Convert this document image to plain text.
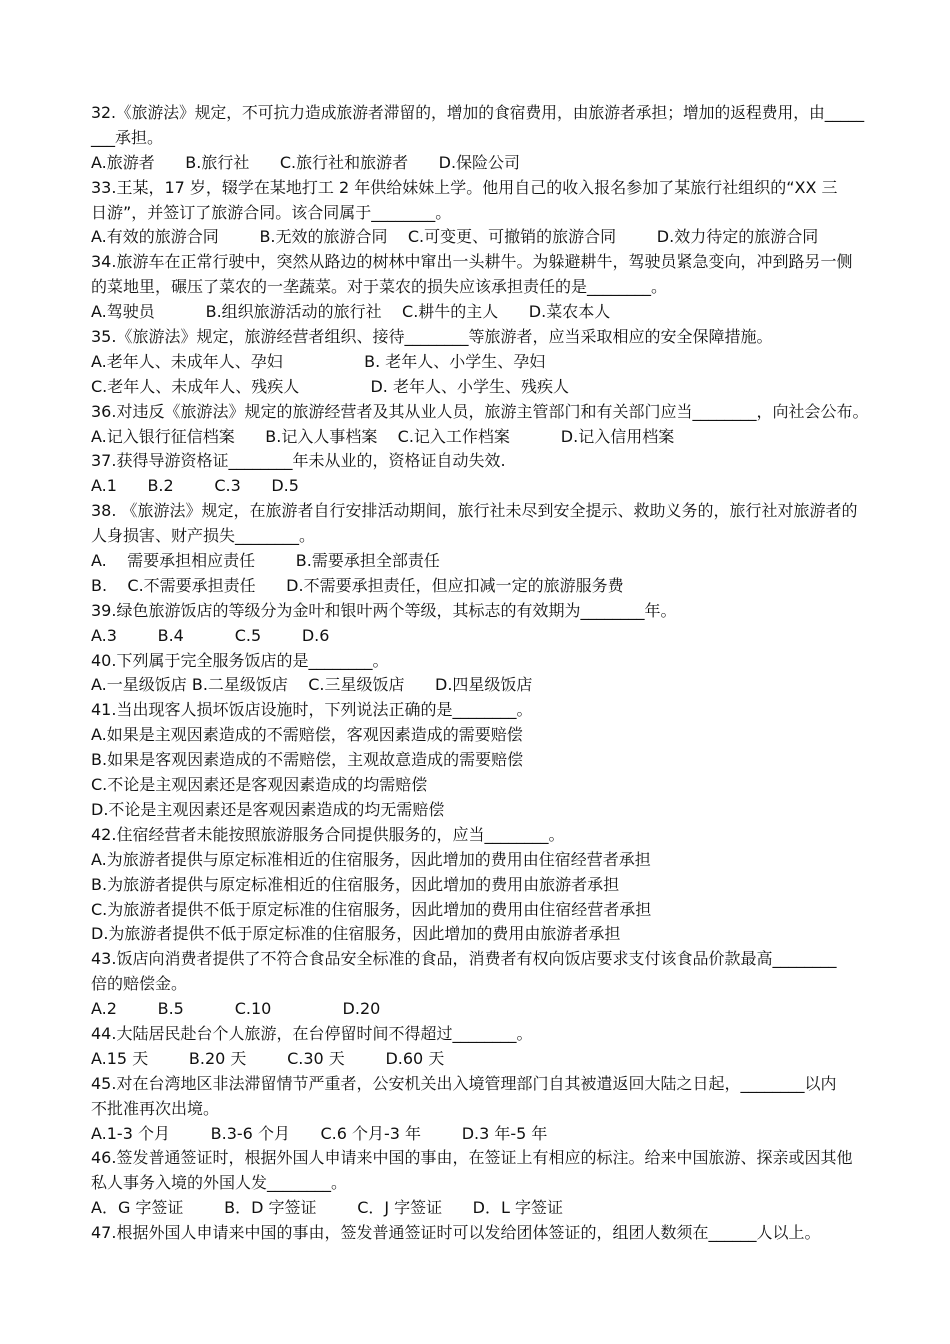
32.《旅游法》规定，不可抗力造成旅游者滞留的，增加的食宿费用，由旅游者承担；增加的返程费用，由_____
___承担。
A.旅游者      B.旅行社      C.旅行社和旅游者      D.保险公司
33.王某，17 岁，辍学在某地打工 2 年供给妹妹上学。他用自己的收入报名参加了某旅行社组织的“XX 三
日游”，并签订了旅游合同。该合同属于________。
A.有效的旅游合同        B.无效的旅游合同    C.可变更、可撤销的旅游合同        D.效力待定的旅游合同
34.旅游车在正常行驶中，突然从路边的树林中窜出一头耕牛。为躲避耕牛，驾驶员紧急变向，冲到路另一侧
的菜地里，碾压了菜农的一垄蔬菜。对于菜农的损失应该承担责任的是________。
A.驾驶员          B.组织旅游活动的旅行社    C.耕牛的主人      D.菜农本人
35.《旅游法》规定，旅游经营者组织、接待________等旅游者，应当采取相应的安全保障措施。
A.老年人、未成年人、孕妇                B. 老年人、小学生、孕妇
C.老年人、未成年人、残疾人              D. 老年人、小学生、残疾人
36.对违反《旅游法》规定的旅游经营者及其从业人员，旅游主管部门和有关部门应当________，向社会公布。
A.记入银行征信档案      B.记入人事档案    C.记入工作档案          D.记入信用档案
37.获得导游资格证________年未从业的，资格证自动失效.
A.1      B.2        C.3      D.5
38. 《旅游法》规定，在旅游者自行安排活动期间，旅行社未尽到安全提示、救助义务的，旅行社对旅游者的
人身损害、财产损失________。
A.    需要承担相应责任        B.需要承担全部责任
B.    C.不需要承担责任      D.不需要承担责任，但应扣减一定的旅游服务费
39.绿色旅游饭店的等级分为金叶和银叶两个等级，其标志的有效期为________年。
A.3        B.4          C.5        D.6
40.下列属于完全服务饭店的是________。
A.一星级饭店 B.二星级饭店    C.三星级饭店      D.四星级饭店
41.当出现客人损坏饭店设施时，下列说法正确的是________。
A.如果是主观因素造成的不需赔偿，客观因素造成的需要赔偿
B.如果是客观因素造成的不需赔偿，主观故意造成的需要赔偿
C.不论是主观因素还是客观因素造成的均需赔偿
D.不论是主观因素还是客观因素造成的均无需赔偿
42.住宿经营者未能按照旅游服务合同提供服务的，应当________。
A.为旅游者提供与原定标准相近的住宿服务，因此增加的费用由住宿经营者承担
B.为旅游者提供与原定标准相近的住宿服务，因此增加的费用由旅游者承担
C.为旅游者提供不低于原定标准的住宿服务，因此增加的费用由住宿经营者承担
D.为旅游者提供不低于原定标准的住宿服务，因此增加的费用由旅游者承担
43.饭店向消费者提供了不符合食品安全标准的食品，消费者有权向饭店要求支付该食品价款最高________
倍的赔偿金。
A.2        B.5          C.10              D.20
44.大陆居民赴台个人旅游，在台停留时间不得超过________。
A.15 天        B.20 天        C.30 天        D.60 天
45.对在台湾地区非法滞留情节严重者，公安机关出入境管理部门自其被遣返回大陆之日起，________以内
不批准再次出境。
A.1-3 个月        B.3-6 个月      C.6 个月-3 年        D.3 年-5 年
46.签发普通签证时，根据外国人申请来中国的事由，在签证上有相应的标注。给来中国旅游、探亲或因其他
私人事务入境的外国人发________。
A．G 字签证        B．D 字签证        C．J 字签证      D．L 字签证
47.根据外国人申请来中国的事由，签发普通签证时可以发给团体签证的，组团人数须在______人以上。
